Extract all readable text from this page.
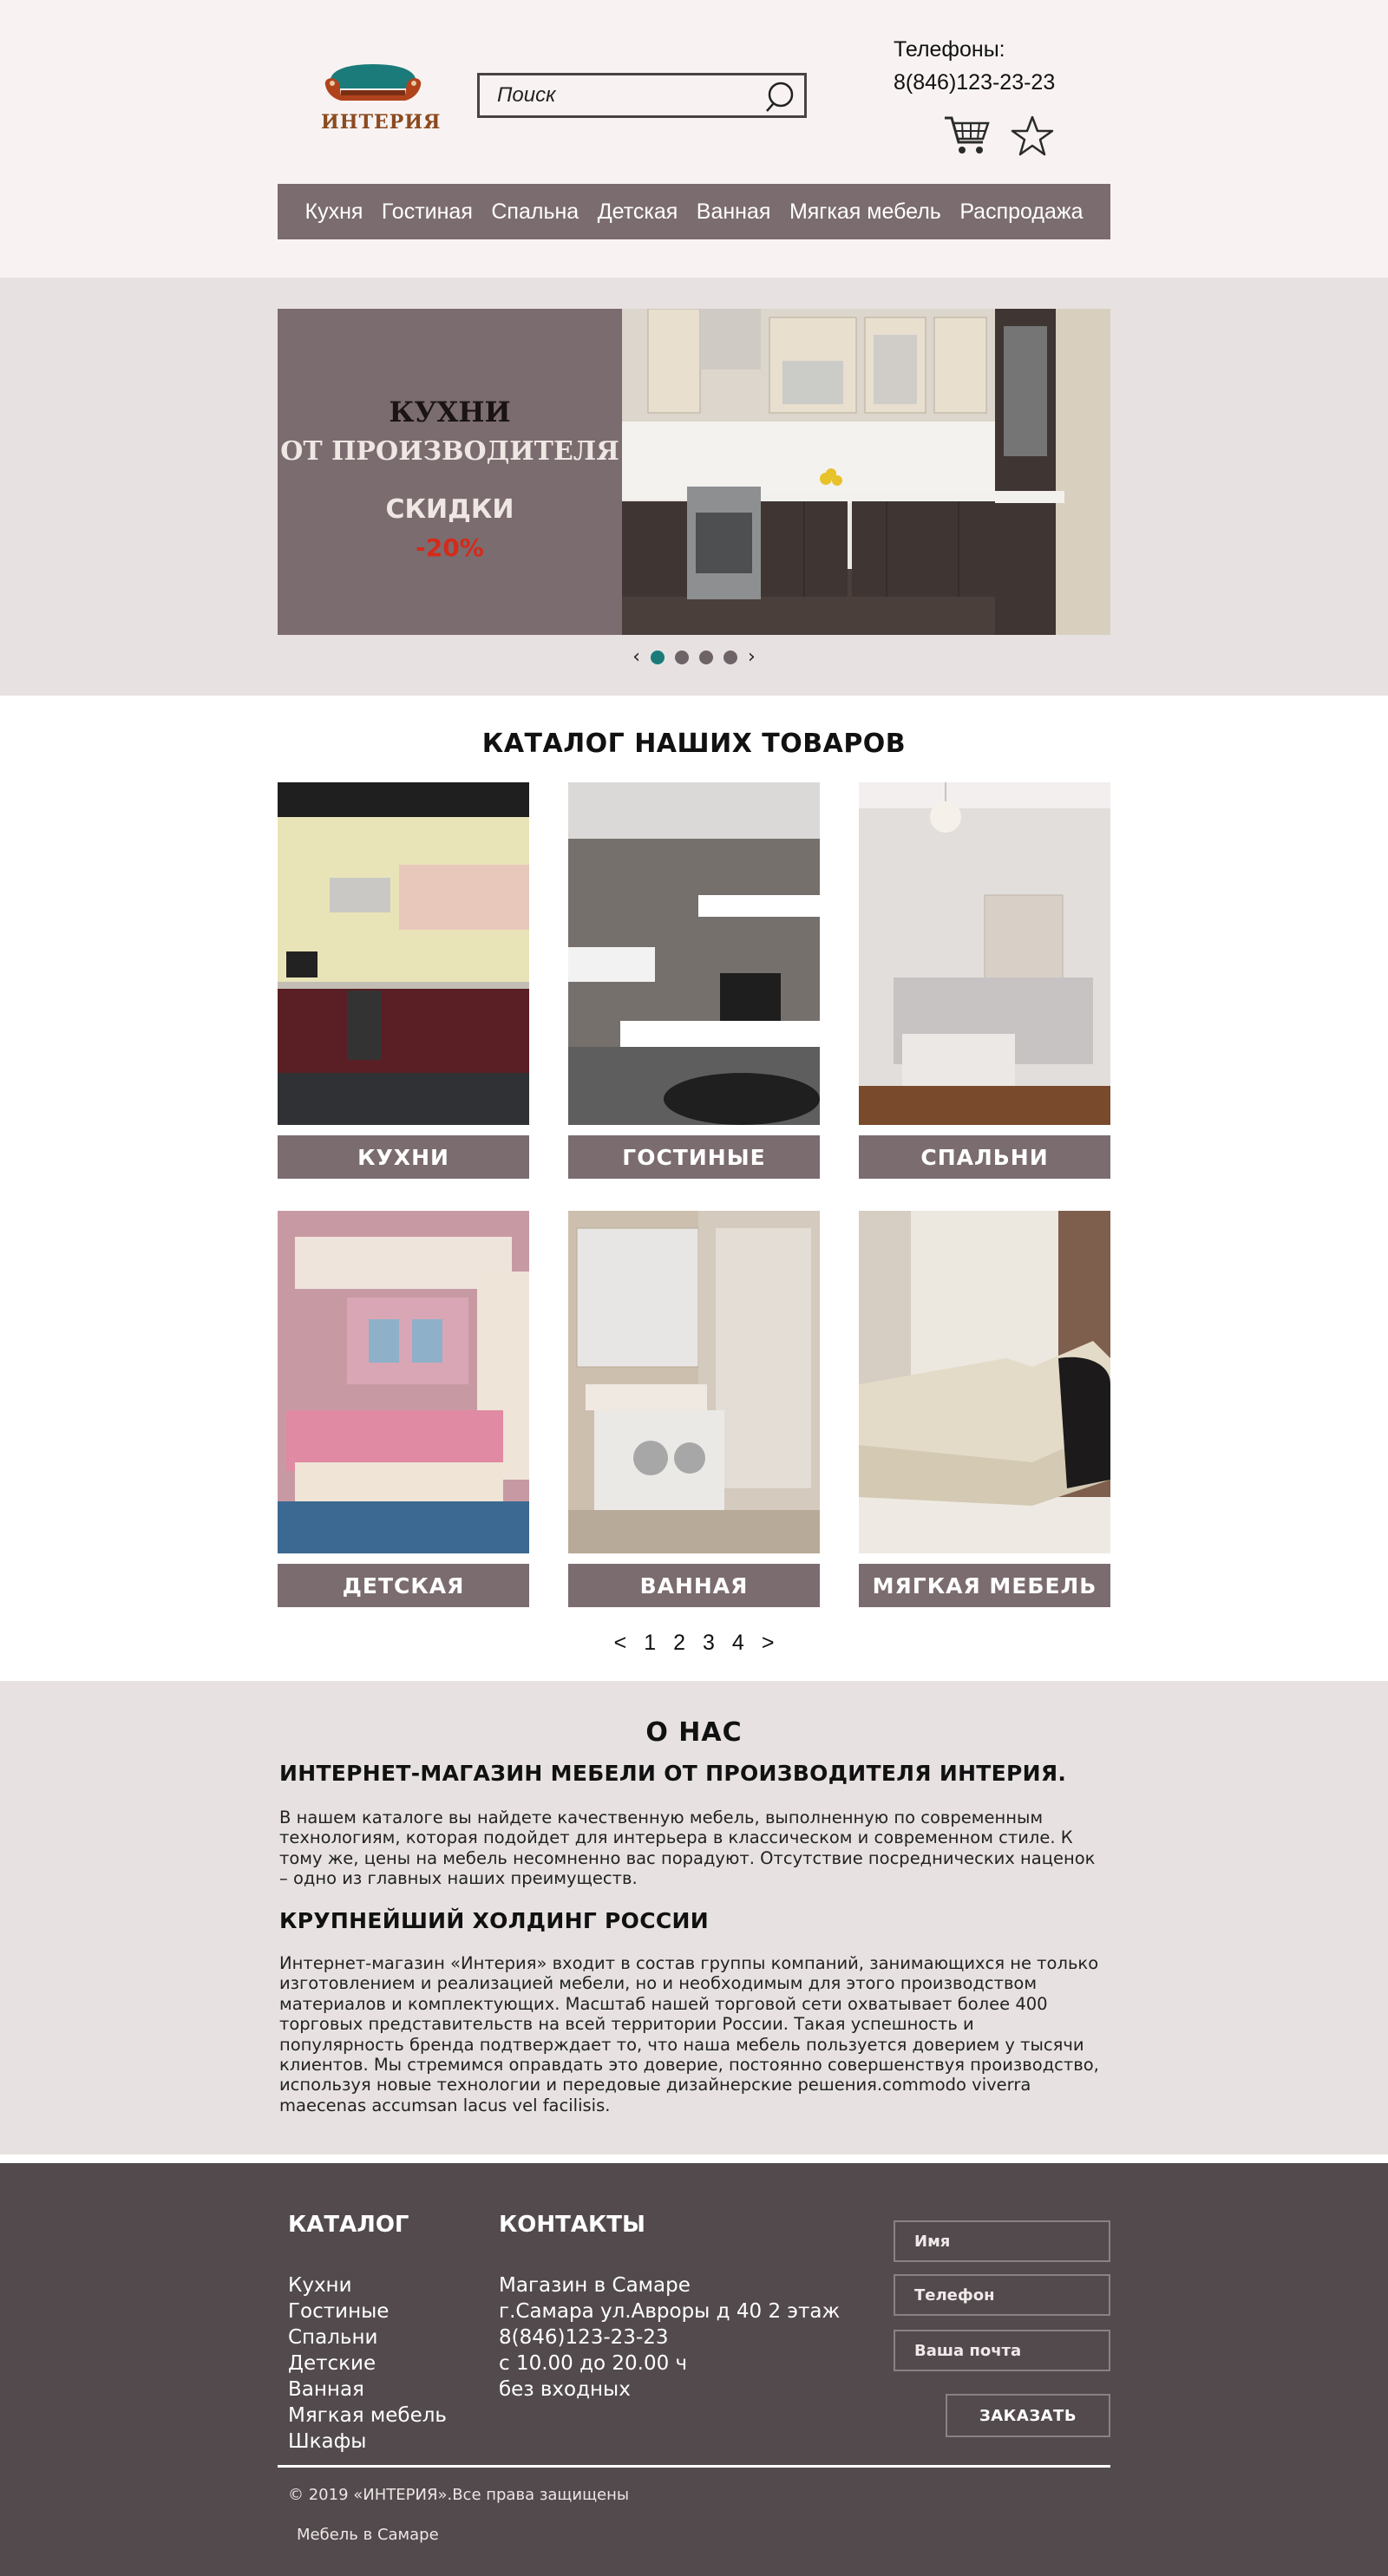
ИНТЕРИЯ
Поиск
Телефоны:
8(846)123-23-23
Кухня Гостиная Спальна Детская Ванная Мягкая мебель Распродажа
КУХНИ
ОТ ПРОИЗВОДИТЕЛЯ
СКИДКИ
-20%
‹	›
КАТАЛОГ НАШИХ ТОВАРОВ
КУХНИ	ГОСТИНЫЕ	СПАЛЬНИ
ДЕТСКАЯ	ВАННАЯ	МЯГКАЯ МЕБЕЛЬ
< 1 2 3 4 >
О НАС
ИНТЕРНЕТ-МАГАЗИН МЕБЕЛИ ОТ ПРОИЗВОДИТЕЛЯ ИНТЕРИЯ.
В нашем каталоге вы найдете качественную мебель, выполненную по современным технологиям, которая подойдет для интерьера в классическом и современном стиле. К тому же, цены на мебель несомненно вас порадуют. Отсутствие посреднических наценок – одно из главных наших преимуществ.
КРУПНЕЙШИЙ ХОЛДИНГ РОССИИ
Интернет-магазин «Интерия» входит в состав группы компаний, занимающихся не только изготовлением и реализацией мебели, но и необходимым для этого производством материалов и комплектующих. Масштаб нашей торговой сети охватывает более 400 торговых представительств на всей территории России. Такая успешность и популярность бренда подтверждает то, что наша мебель пользуется доверием у тысячи клиентов. Мы стремимся оправдать это доверие, постоянно совершенствуя производство, используя новые технологии и передовые дизайнерские решения.commodo viverra maecenas accumsan lacus vel facilisis.
КАТАЛОГ
Кухни
Гостиные
Спальни
Детские
Ванная
Мягкая мебель
Шкафы
КОНТАКТЫ
Магазин в Самаре
г.Самара ул.Авроры д 40 2 этаж
8(846)123-23-23
с 10.00 до 20.00 ч
без входных
Имя
Телефон
Ваша почта
ЗАКАЗАТЬ
© 2019 «ИНТЕРИЯ».Все права защищены
Мебель в Самаре
